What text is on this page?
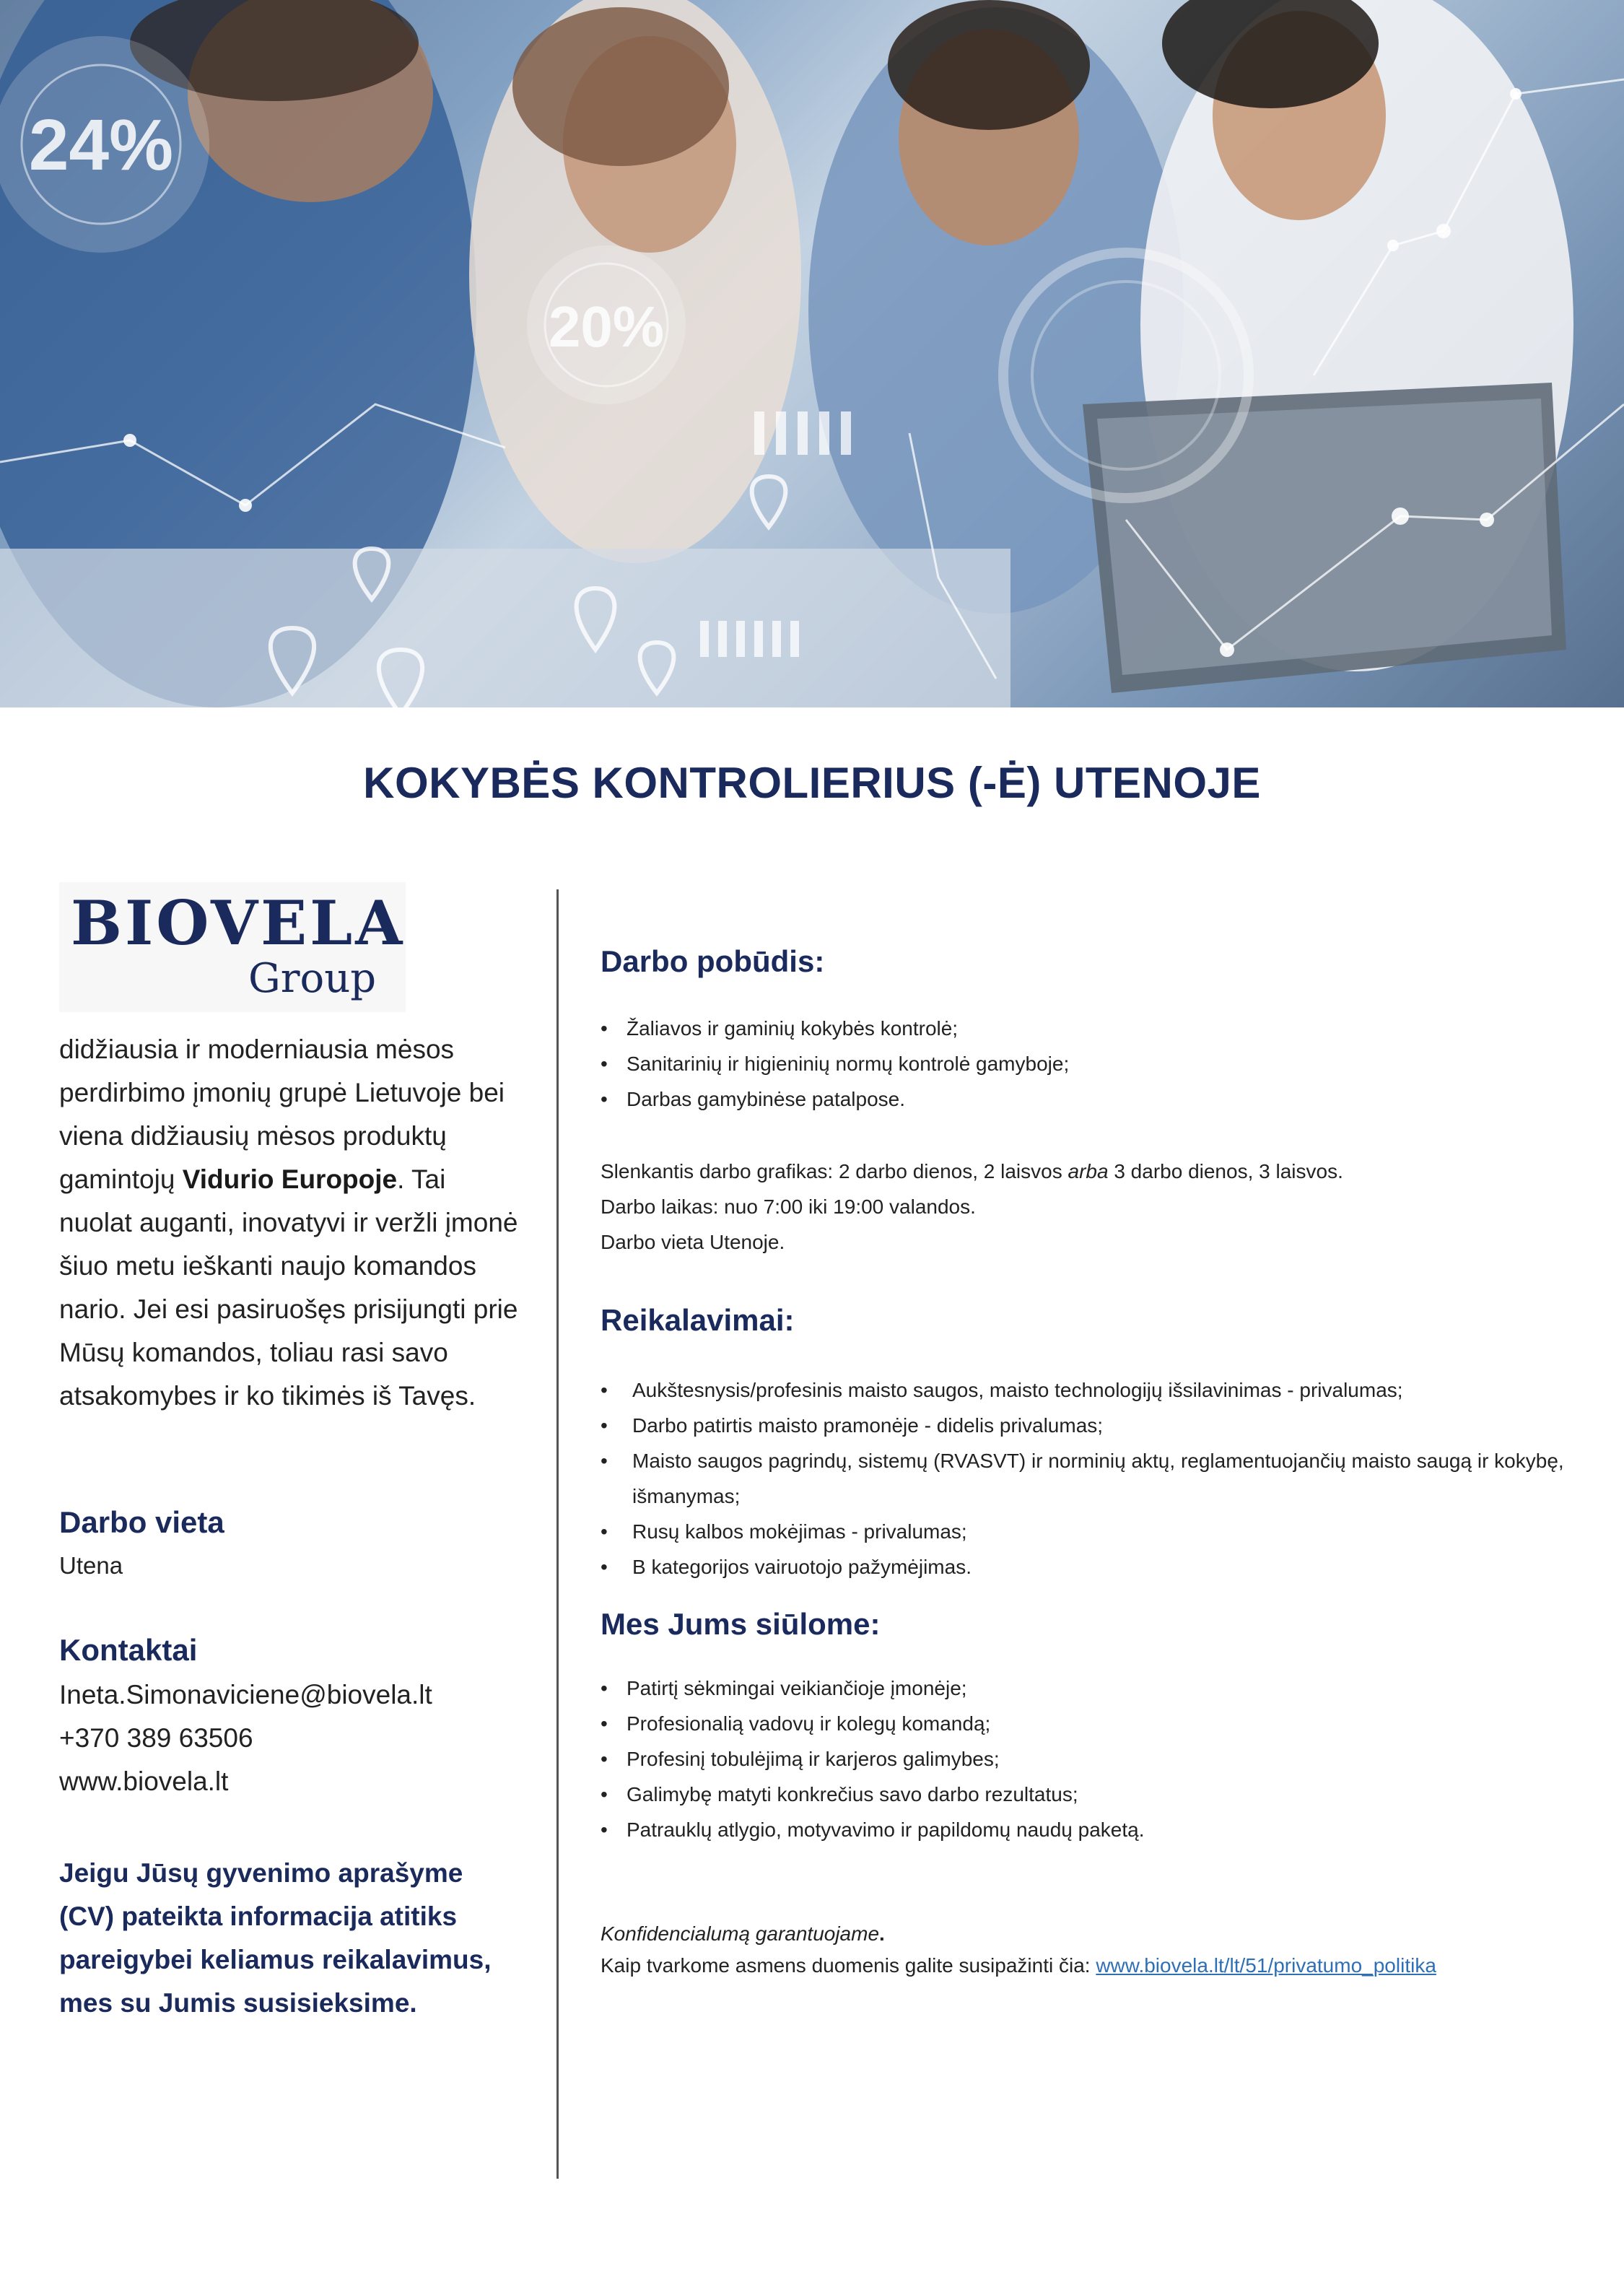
24%
20%
KOKYBĖS KONTROLIERIUS (-Ė) UTENOJE
BIOVELA
Group
didžiausia ir moderniausia mėsos perdirbimo įmonių grupė Lietuvoje bei viena didžiausių mėsos produktų gamintojų Vidurio Europoje. Tai nuolat auganti, inovatyvi ir veržli įmonė šiuo metu ieškanti naujo komandos nario. Jei esi pasiruošęs prisijungti prie Mūsų komandos, toliau rasi savo atsakomybes ir ko tikimės iš Tavęs.
Darbo vieta
Utena
Kontaktai
Ineta.Simonaviciene@biovela.lt
+370 389 63506
www.biovela.lt
Jeigu Jūsų gyvenimo aprašyme (CV) pateikta informacija atitiks pareigybei keliamus reikalavimus, mes su Jumis susisieksime.
Darbo pobūdis:
• Žaliavos ir gaminių kokybės kontrolė;
• Sanitarinių ir higieninių normų kontrolė gamyboje;
• Darbas gamybinėse patalpose.
Slenkantis darbo grafikas: 2 darbo dienos, 2 laisvos arba 3 darbo dienos, 3 laisvos.
Darbo laikas: nuo 7:00 iki 19:00 valandos.
Darbo vieta Utenoje.
Reikalavimai:
• Aukštesnysis/profesinis maisto saugos, maisto technologijų išsilavinimas - privalumas;
• Darbo patirtis maisto pramonėje - didelis privalumas;
• Maisto saugos pagrindų, sistemų (RVASVT) ir norminių aktų, reglamentuojančių maisto saugą ir kokybę, išmanymas;
• Rusų kalbos mokėjimas - privalumas;
• B kategorijos vairuotojo pažymėjimas.
Mes Jums siūlome:
• Patirtį sėkmingai veikiančioje įmonėje;
• Profesionalią vadovų ir kolegų komandą;
• Profesinį tobulėjimą ir karjeros galimybes;
• Galimybę matyti konkrečius savo darbo rezultatus;
• Patrauklų atlygio, motyvavimo ir papildomų naudų paketą.
Konfidencialumą garantuojame.
Kaip tvarkome asmens duomenis galite susipažinti čia: www.biovela.lt/lt/51/privatumo_politika
